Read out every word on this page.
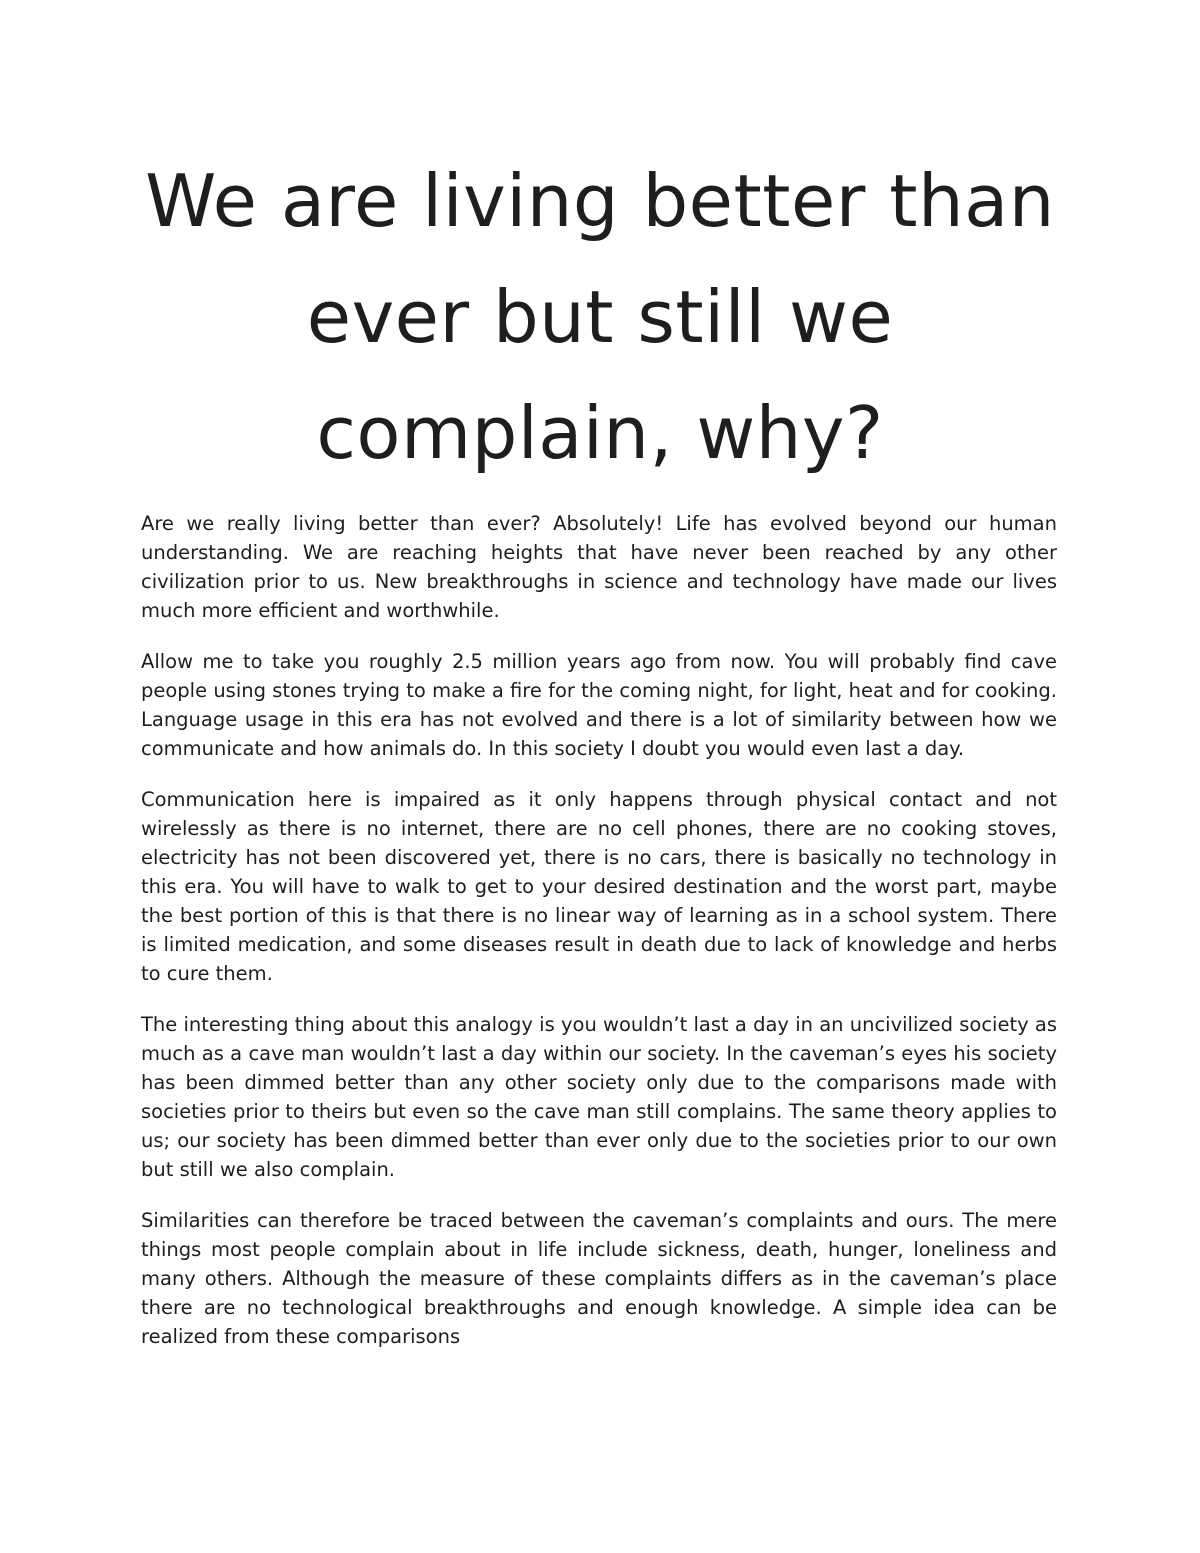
We are living better than ever but still we complain, why?

Are we really living better than ever? Absolutely! Life has evolved beyond our human understanding. We are reaching heights that have never been reached by any other civilization prior to us. New breakthroughs in science and technology have made our lives much more efficient and worthwhile.

Allow me to take you roughly 2.5 million years ago from now. You will probably find cave people using stones trying to make a fire for the coming night, for light, heat and for cooking. Language usage in this era has not evolved and there is a lot of similarity between how we communicate and how animals do. In this society I doubt you would even last a day.

Communication here is impaired as it only happens through physical contact and not wirelessly as there is no internet, there are no cell phones, there are no cooking stoves, electricity has not been discovered yet, there is no cars, there is basically no technology in this era. You will have to walk to get to your desired destination and the worst part, maybe the best portion of this is that there is no linear way of learning as in a school system. There is limited medication, and some diseases result in death due to lack of knowledge and herbs to cure them.

The interesting thing about this analogy is you wouldn’t last a day in an uncivilized society as much as a cave man wouldn’t last a day within our society. In the caveman’s eyes his society has been dimmed better than any other society only due to the comparisons made with societies prior to theirs but even so the cave man still complains. The same theory applies to us; our society has been dimmed better than ever only due to the societies prior to our own but still we also complain.

Similarities can therefore be traced between the caveman’s complaints and ours. The mere things most people complain about in life include sickness, death, hunger, loneliness and many others. Although the measure of these complaints differs as in the caveman’s place there are no technological breakthroughs and enough knowledge. A simple idea can be realized from these comparisons
